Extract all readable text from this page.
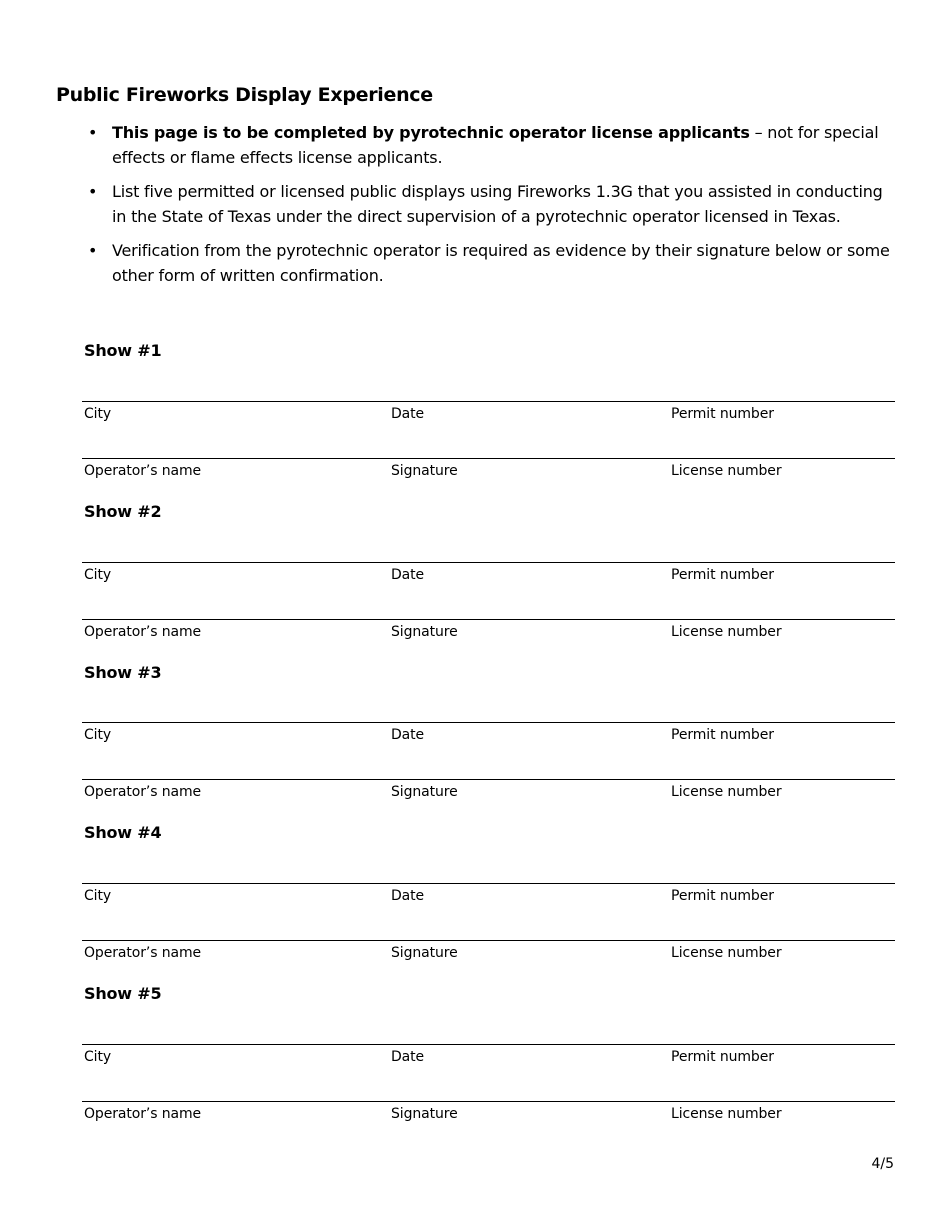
Public Fireworks Display Experience
• This page is to be completed by pyrotechnic operator license applicants – not for special effects or flame effects license applicants.
• List five permitted or licensed public displays using Fireworks 1.3G that you assisted in conducting in the State of Texas under the direct supervision of a pyrotechnic operator licensed in Texas.
• Verification from the pyrotechnic operator is required as evidence by their signature below or some other form of written confirmation.
Show #1
City	Date	Permit number
Operator’s name	Signature	License number
Show #2
City	Date	Permit number
Operator’s name	Signature	License number
Show #3
City	Date	Permit number
Operator’s name	Signature	License number
Show #4
City	Date	Permit number
Operator’s name	Signature	License number
Show #5
City	Date	Permit number
Operator’s name	Signature	License number
4/5
